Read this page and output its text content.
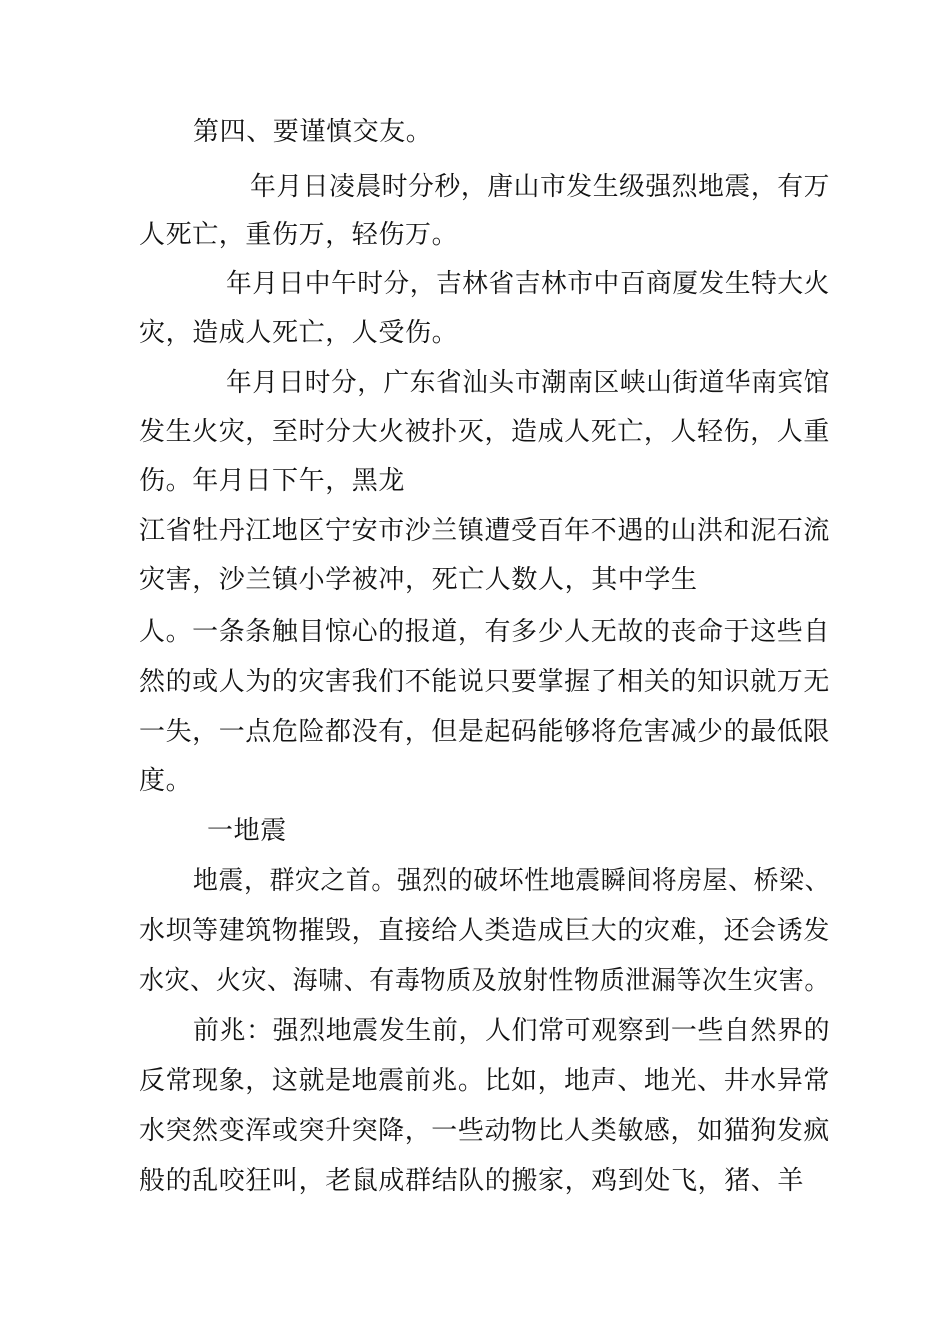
第四、要谨慎交友。
年月日凌晨时分秒，唐山市发生级强烈地震，有万
人死亡，重伤万，轻伤万。
年月日中午时分，吉林省吉林市中百商厦发生特大火
灾，造成人死亡，人受伤。
年月日时分，广东省汕头市潮南区峡山街道华南宾馆
发生火灾，至时分大火被扑灭，造成人死亡，人轻伤，人重
伤。年月日下午，黑龙
江省牡丹江地区宁安市沙兰镇遭受百年不遇的山洪和泥石流
灾害，沙兰镇小学被冲，死亡人数人，其中学生
人。一条条触目惊心的报道，有多少人无故的丧命于这些自
然的或人为的灾害我们不能说只要掌握了相关的知识就万无
一失，一点危险都没有，但是起码能够将危害减少的最低限
度。
一地震
地震，群灾之首。强烈的破坏性地震瞬间将房屋、桥梁、
水坝等建筑物摧毁，直接给人类造成巨大的灾难，还会诱发
水灾、火灾、海啸、有毒物质及放射性物质泄漏等次生灾害。
前兆：强烈地震发生前，人们常可观察到一些自然界的
反常现象，这就是地震前兆。比如，地声、地光、井水异常
水突然变浑或突升突降，一些动物比人类敏感，如猫狗发疯
般的乱咬狂叫，老鼠成群结队的搬家，鸡到处飞，猪、羊
